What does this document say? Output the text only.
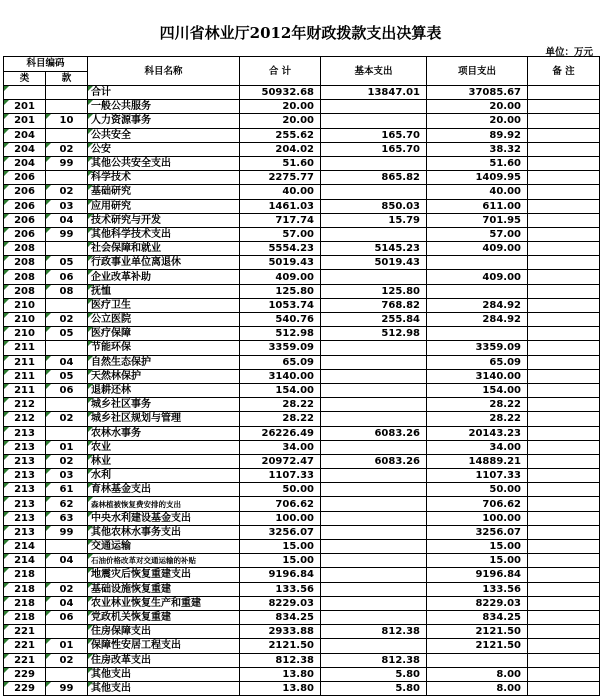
四川省林业厅2012年财政拨款支出决算表
单位：万元
科目编码		科目名称	合 计	基本支出	项目支出	备 注
类	款					

合计	50932.68	13847.01	37085.67	

201		一般公共服务	20.00		20.00	

201	10	人力资源事务	20.00		20.00	

204		公共安全	255.62	165.70	89.92	

204	02	公安	204.02	165.70	38.32	

204	99	其他公共安全支出	51.60		51.60	

206		科学技术	2275.77	865.82	1409.95	

206	02	基础研究	40.00		40.00	

206	03	应用研究	1461.03	850.03	611.00	

206	04	技术研究与开发	717.74	15.79	701.95	

206	99	其他科学技术支出	57.00		57.00	

208		社会保障和就业	5554.23	5145.23	409.00	

208	05	行政事业单位离退休	5019.43	5019.43		

208	06	企业改革补助	409.00		409.00	

208	08	抚恤	125.80	125.80		

210		医疗卫生	1053.74	768.82	284.92	

210	02	公立医院	540.76	255.84	284.92	

210	05	医疗保障	512.98	512.98		

211		节能环保	3359.09		3359.09	

211	04	自然生态保护	65.09		65.09	

211	05	天然林保护	3140.00		3140.00	

211	06	退耕还林	154.00		154.00	

212		城乡社区事务	28.22		28.22	

212	02	城乡社区规划与管理	28.22		28.22	

213		农林水事务	26226.49	6083.26	20143.23	

213	01	农业	34.00		34.00	

213	02	林业	20972.47	6083.26	14889.21	

213	03	水利	1107.33		1107.33	

213	61	育林基金支出	50.00		50.00	

213	62	森林植被恢复费安排的支出	706.62		706.62	

213	63	中央水利建设基金支出	100.00		100.00	

213	99	其他农林水事务支出	3256.07		3256.07	

214		交通运输	15.00		15.00	

214	04	石油价格改革对交通运输的补贴	15.00		15.00	

218		地震灾后恢复重建支出	9196.84		9196.84	

218	02	基础设施恢复重建	133.56		133.56	

218	04	农业林业恢复生产和重建	8229.03		8229.03	

218	06	党政机关恢复重建	834.25		834.25	

221		住房保障支出	2933.88	812.38	2121.50	

221	01	保障性安居工程支出	2121.50		2121.50	

221	02	住房改革支出	812.38	812.38		

229		其他支出	13.80	5.80	8.00	

229	99	其他支出	13.80	5.80	8.00	
